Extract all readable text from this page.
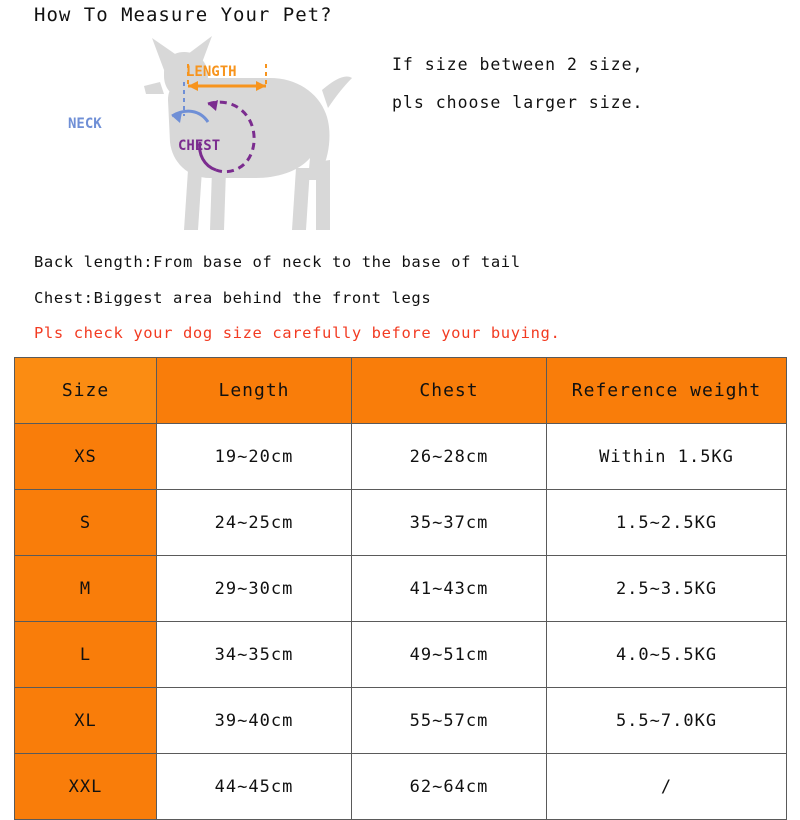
How To Measure Your Pet?
LENGTH
NECK
CHEST
If size between 2 size,
pls choose larger size.
Back length:From base of neck to the base of tail
Chest:Biggest area behind the front legs
Pls check your dog size carefully before your buying.
Size	Length	Chest	Reference weight
XS	19~20cm	26~28cm	Within 1.5KG
S	24~25cm	35~37cm	1.5~2.5KG
M	29~30cm	41~43cm	2.5~3.5KG
L	34~35cm	49~51cm	4.0~5.5KG
XL	39~40cm	55~57cm	5.5~7.0KG
XXL	44~45cm	62~64cm	/
